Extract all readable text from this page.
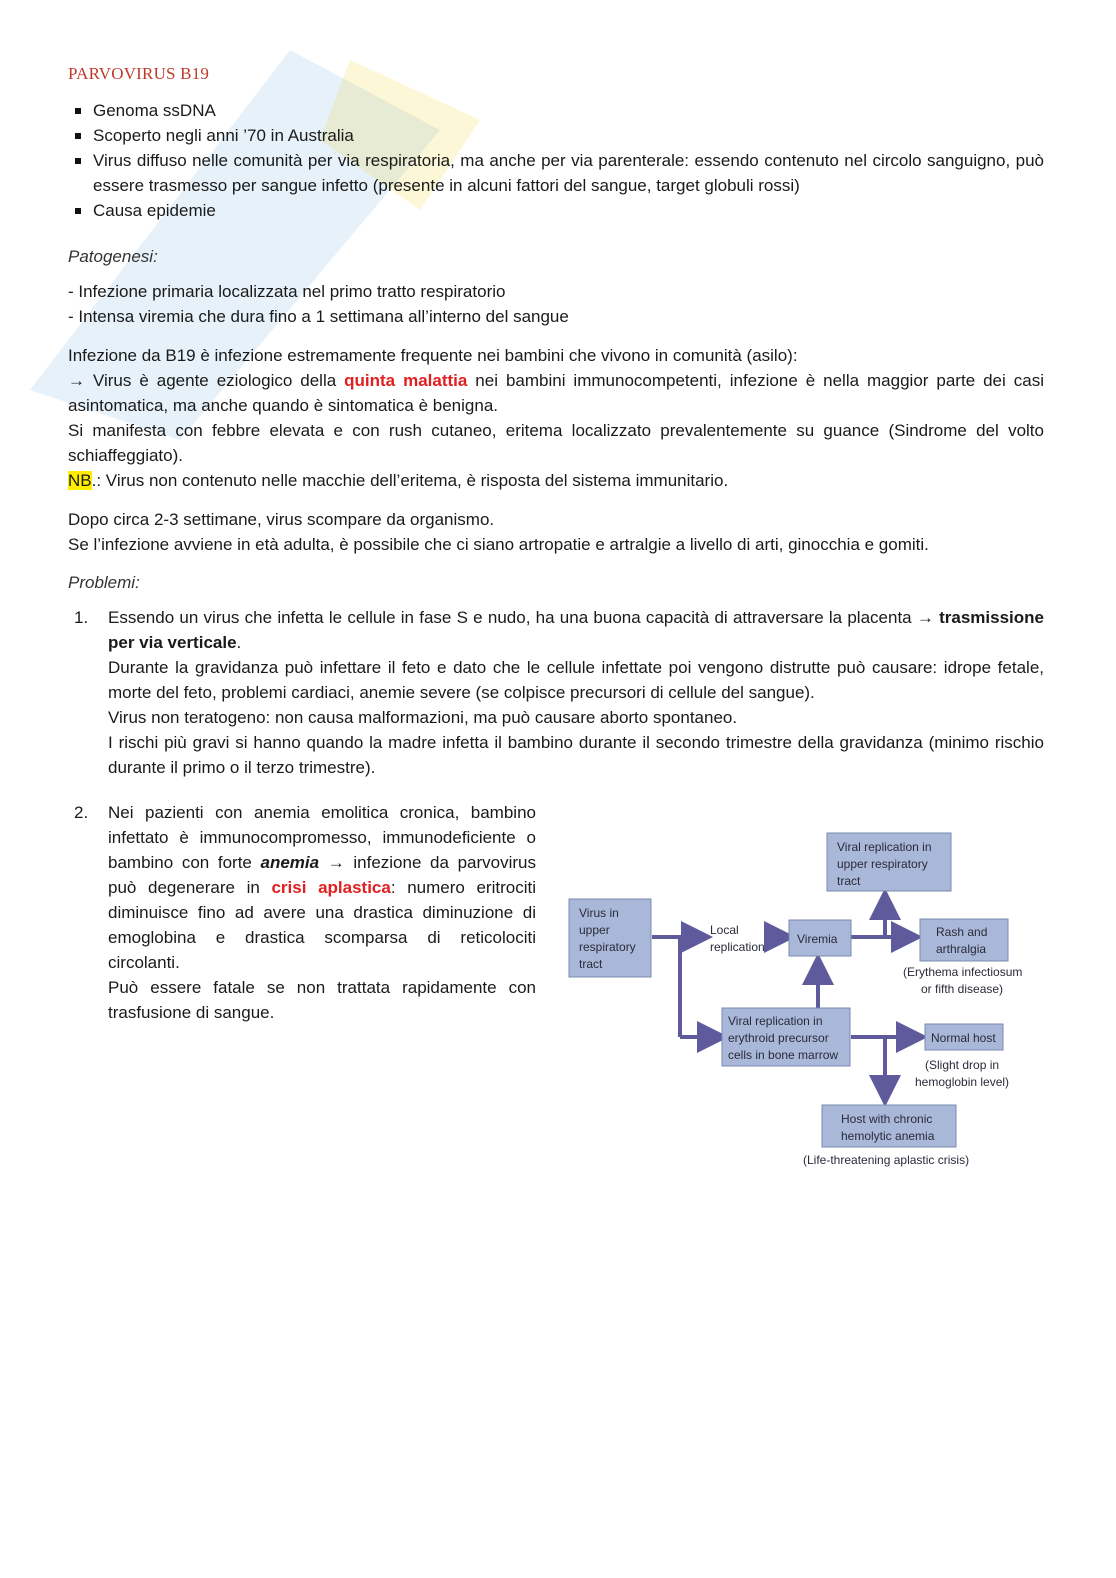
PARVOVIRUS B19
Genoma ssDNA
Scoperto negli anni ’70 in Australia
Virus diffuso nelle comunità per via respiratoria, ma anche per via parenterale: essendo contenuto nel circolo sanguigno, può essere trasmesso per sangue infetto (presente in alcuni fattori del sangue, target globuli rossi)
Causa epidemie

Patogenesi:

- Infezione primaria localizzata nel primo tratto respiratorio

- Intensa viremia che dura fino a 1 settimana all’interno del sangue

Infezione da B19 è infezione estremamente frequente nei bambini che vivono in comunità (asilo):

→ Virus è agente eziologico della quinta malattia nei bambini immunocompetenti, infezione è nella maggior parte dei casi asintomatica, ma anche quando è sintomatica è benigna.

Si manifesta con febbre elevata e con rush cutaneo, eritema localizzato prevalentemente su guance (Sindrome del volto schiaffeggiato).

NB.: Virus non contenuto nelle macchie dell’eritema, è risposta del sistema immunitario.

Dopo circa 2-3 settimane, virus scompare da organismo.

Se l’infezione avviene in età adulta, è possibile che ci siano artropatie e artralgie a livello di arti, ginocchia e gomiti.

Problemi:

1. Essendo un virus che infetta le cellule in fase S e nudo, ha una buona capacità di attraversare la placenta → trasmissione per via verticale.

Durante la gravidanza può infettare il feto e dato che le cellule infettate poi vengono distrutte può causare: idrope fetale, morte del feto, problemi cardiaci, anemie severe (se colpisce precursori di cellule del sangue).

Virus non teratogeno: non causa malformazioni, ma può causare aborto spontaneo.

I rischi più gravi si hanno quando la madre infetta il bambino durante il secondo trimestre della gravidanza (minimo rischio durante il primo o il terzo trimestre).

2. Nei pazienti con anemia emolitica cronica, bambino infettato è immunocompromesso, immunodeficiente o bambino con forte anemia → infezione da parvovirus può degenerare in crisi aplastica: numero eritrociti diminuisce fino ad avere una drastica diminuzione di emoglobina e drastica scomparsa di reticolociti circolanti.

Può essere fatale se non trattata rapidamente con trasfusione di sangue.

Virus in
upper
respiratory
tract
Local
replication
Viremia
Viral replication in
upper respiratory
tract
Rash and
arthralgia
(Erythema infectiosum
or fifth disease)
Viral replication in
erythroid precursor
cells in bone marrow
Normal host
(Slight drop in
hemoglobin level)
Host with chronic
hemolytic anemia
(Life-threatening aplastic crisis)
